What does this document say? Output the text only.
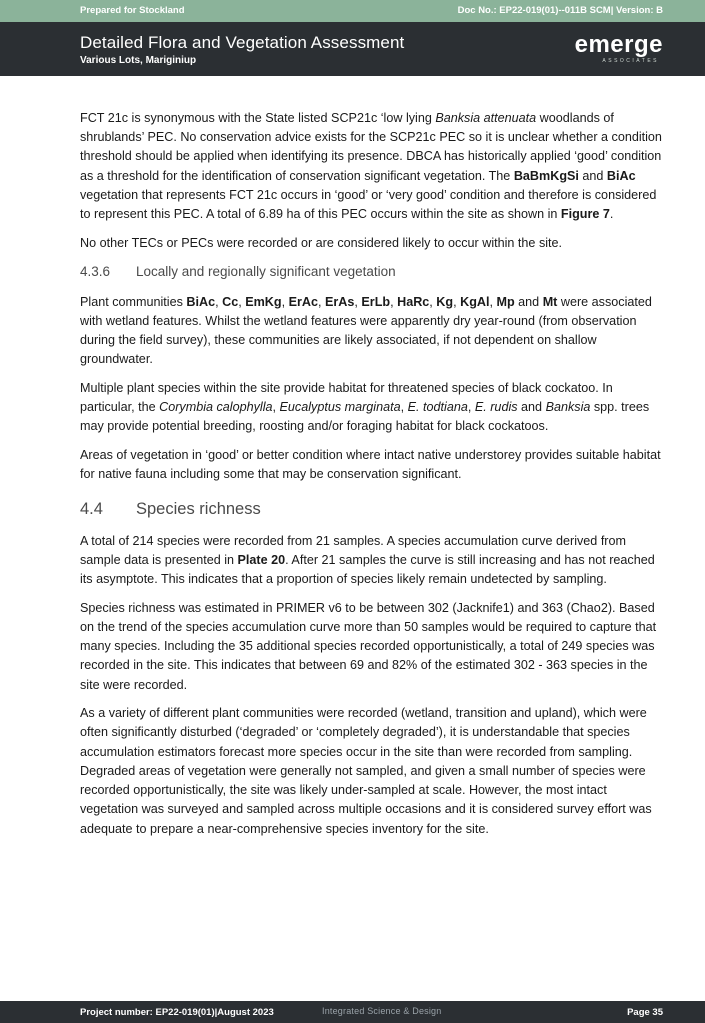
Prepared for Stockland	Doc No.: EP22-019(01)--011B SCM| Version: B
Detailed Flora and Vegetation Assessment
Various Lots, Mariginiup
emerge
ASSOCIATES

FCT 21c is synonymous with the State listed SCP21c ‘low lying Banksia attenuata woodlands of shrublands’ PEC. No conservation advice exists for the SCP21c PEC so it is unclear whether a condition threshold should be applied when identifying its presence. DBCA has historically applied ‘good’ condition as a threshold for the identification of conservation significant vegetation. The BaBmKgSi and BiAc vegetation that represents FCT 21c occurs in ‘good’ or ‘very good’ condition and therefore is considered to represent this PEC. A total of 6.89 ha of this PEC occurs within the site as shown in Figure 7.

No other TECs or PECs were recorded or are considered likely to occur within the site.

4.3.6	Locally and regionally significant vegetation

Plant communities BiAc, Cc, EmKg, ErAc, ErAs, ErLb, HaRc, Kg, KgAl, Mp and Mt were associated with wetland features. Whilst the wetland features were apparently dry year-round (from observation during the field survey), these communities are likely associated, if not dependent on shallow groundwater.

Multiple plant species within the site provide habitat for threatened species of black cockatoo. In particular, the Corymbia calophylla, Eucalyptus marginata, E. todtiana, E. rudis and Banksia spp. trees may provide potential breeding, roosting and/or foraging habitat for black cockatoos.

Areas of vegetation in ‘good’ or better condition where intact native understorey provides suitable habitat for native fauna including some that may be conservation significant.

4.4	Species richness

A total of 214 species were recorded from 21 samples. A species accumulation curve derived from sample data is presented in Plate 20. After 21 samples the curve is still increasing and has not reached its asymptote. This indicates that a proportion of species likely remain undetected by sampling.

Species richness was estimated in PRIMER v6 to be between 302 (Jacknife1) and 363 (Chao2). Based on the trend of the species accumulation curve more than 50 samples would be required to capture that many species. Including the 35 additional species recorded opportunistically, a total of 249 species was recorded in the site. This indicates that between 69 and 82% of the estimated 302 - 363 species in the site were recorded.

As a variety of different plant communities were recorded (wetland, transition and upland), which were often significantly disturbed (‘degraded’ or ‘completely degraded’), it is understandable that species accumulation estimators forecast more species occur in the site than were recorded from sampling. Degraded areas of vegetation were generally not sampled, and given a small number of species were recorded opportunistically, the site was likely under-sampled at scale. However, the most intact vegetation was surveyed and sampled across multiple occasions and it is considered survey effort was adequate to prepare a near-comprehensive species inventory for the site.

Project number: EP22-019(01)|August 2023	Integrated Science & Design	Page 35
